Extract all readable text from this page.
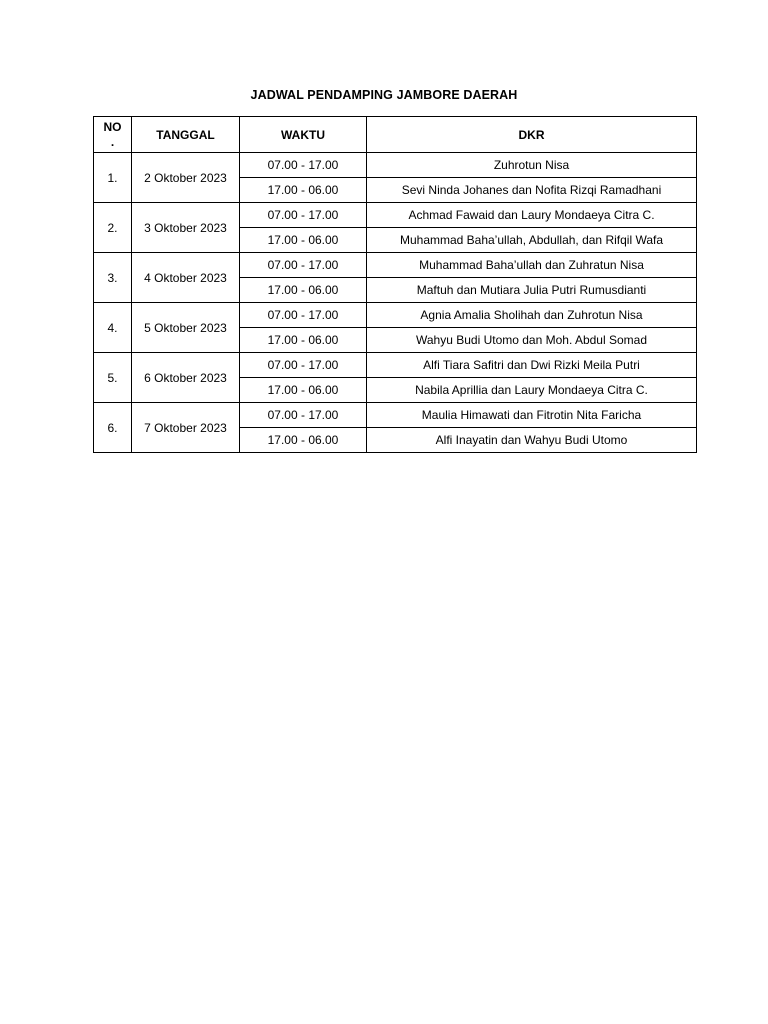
JADWAL PENDAMPING JAMBORE DAERAH
NO
.	TANGGAL	WAKTU	DKR
1.	2 Oktober 2023	07.00 - 17.00	Zuhrotun Nisa
		17.00 - 06.00	Sevi Ninda Johanes dan Nofita Rizqi Ramadhani
2.	3 Oktober 2023	07.00 - 17.00	Achmad Fawaid dan Laury Mondaeya Citra C.
		17.00 - 06.00	Muhammad Baha’ullah, Abdullah, dan Rifqil Wafa
3.	4 Oktober 2023	07.00 - 17.00	Muhammad Baha’ullah dan Zuhratun Nisa
		17.00 - 06.00	Maftuh dan Mutiara Julia Putri Rumusdianti
4.	5 Oktober 2023	07.00 - 17.00	Agnia Amalia Sholihah dan Zuhrotun Nisa
		17.00 - 06.00	Wahyu Budi Utomo dan Moh. Abdul Somad
5.	6 Oktober 2023	07.00 - 17.00	Alfi Tiara Safitri dan Dwi Rizki Meila Putri
		17.00 - 06.00	Nabila Aprillia dan Laury Mondaeya Citra C.
6.	7 Oktober 2023	07.00 - 17.00	Maulia Himawati dan Fitrotin Nita Faricha
		17.00 - 06.00	Alfi Inayatin dan Wahyu Budi Utomo
